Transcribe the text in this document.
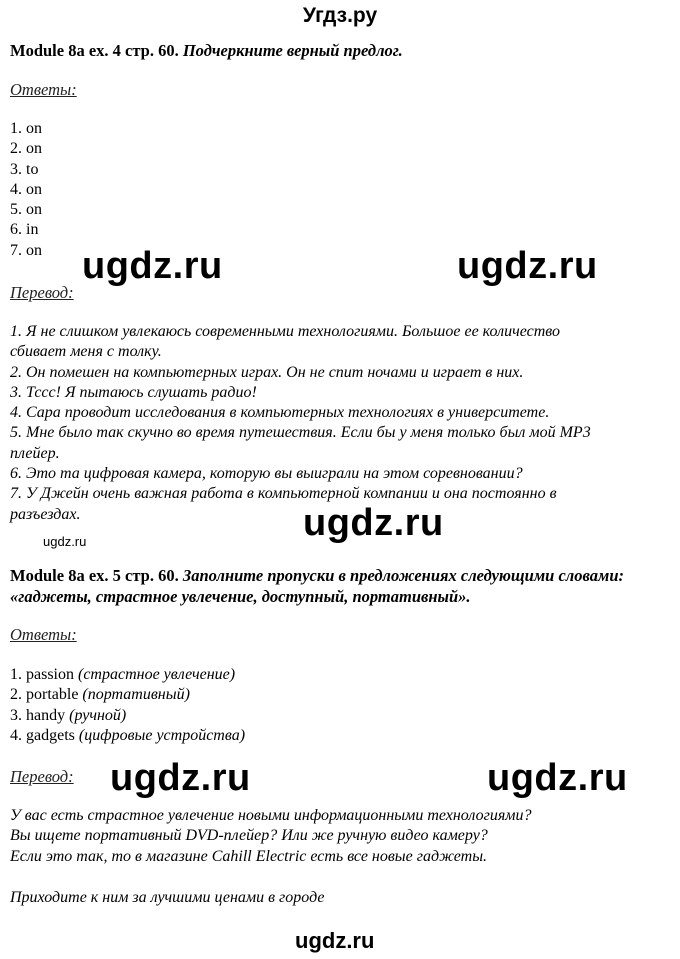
Угдз.ру
Module 8a ex. 4 стр. 60. Подчеркните верный предлог.
Ответы:
1. on
2. on
3. to
4. on
5. on
6. in
7. on
Перевод:
1. Я не слишком увлекаюсь современными технологиями. Большое ее количество
сбивает меня с толку.
2. Он помешен на компьютерных играх. Он не спит ночами и играет в них.
3. Тссс! Я пытаюсь слушать радио!
4. Сара проводит исследования в компьютерных технологиях в университете.
5. Мне было так скучно во время путешествия. Если бы у меня только был мой MP3
плейер.
6. Это та цифровая камера, которую вы выиграли на этом соревновании?
7. У Джейн очень важная работа в компьютерной компании и она постоянно в
разъездах.
Module 8a ex. 5 стр. 60. Заполните пропуски в предложениях следующими словами:
«гаджеты, страстное увлечение, доступный, портативный».
Ответы:
1. passion (страстное увлечение)
2. portable (портативный)
3. handy (ручной)
4. gadgets (цифровые устройства)
Перевод:
У вас есть страстное увлечение новыми информационными технологиями?
Вы ищете портативный DVD-плейер? Или же ручную видео камеру?
Если это так, то в магазине Cahill Electric есть все новые гаджеты.
Приходите к ним за лучшими ценами в городе
ugdz.ru	ugdz.ru
ugdz.ru
ugdz.ru
ugdz.ru	ugdz.ru
ugdz.ru
